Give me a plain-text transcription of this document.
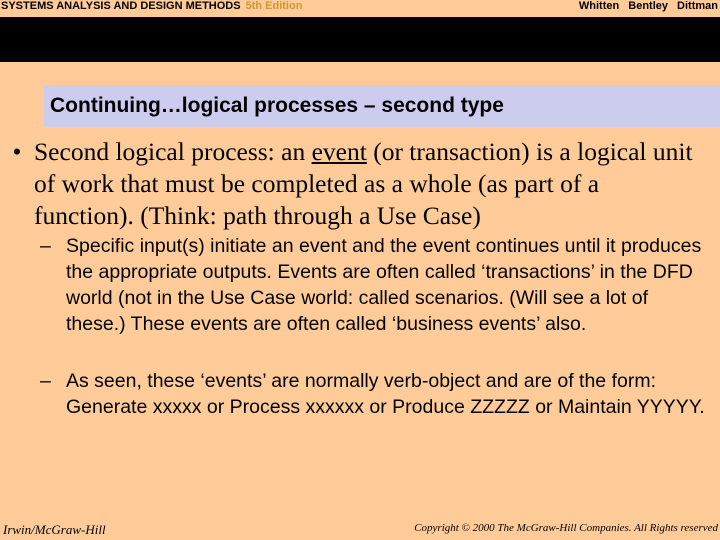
SYSTEMS ANALYSIS AND DESIGN METHODS 5th Edition	Whitten Bentley Dittman
Continuing…logical processes – second type
• Second logical process: an event (or transaction) is a logical unit of work that must be completed as a whole (as part of a function). (Think: path through a Use Case)
– Specific input(s) initiate an event and the event continues until it produces the appropriate outputs. Events are often called ‘transactions’ in the DFD world (not in the Use Case world: called scenarios. (Will see a lot of these.) These events are often called ‘business events’ also.
– As seen, these ‘events’ are normally verb-object and are of the form: Generate xxxxx or Process xxxxxx or Produce ZZZZZ or Maintain YYYYY.
Irwin/McGraw-Hill	Copyright © 2000 The McGraw-Hill Companies. All Rights reserved
